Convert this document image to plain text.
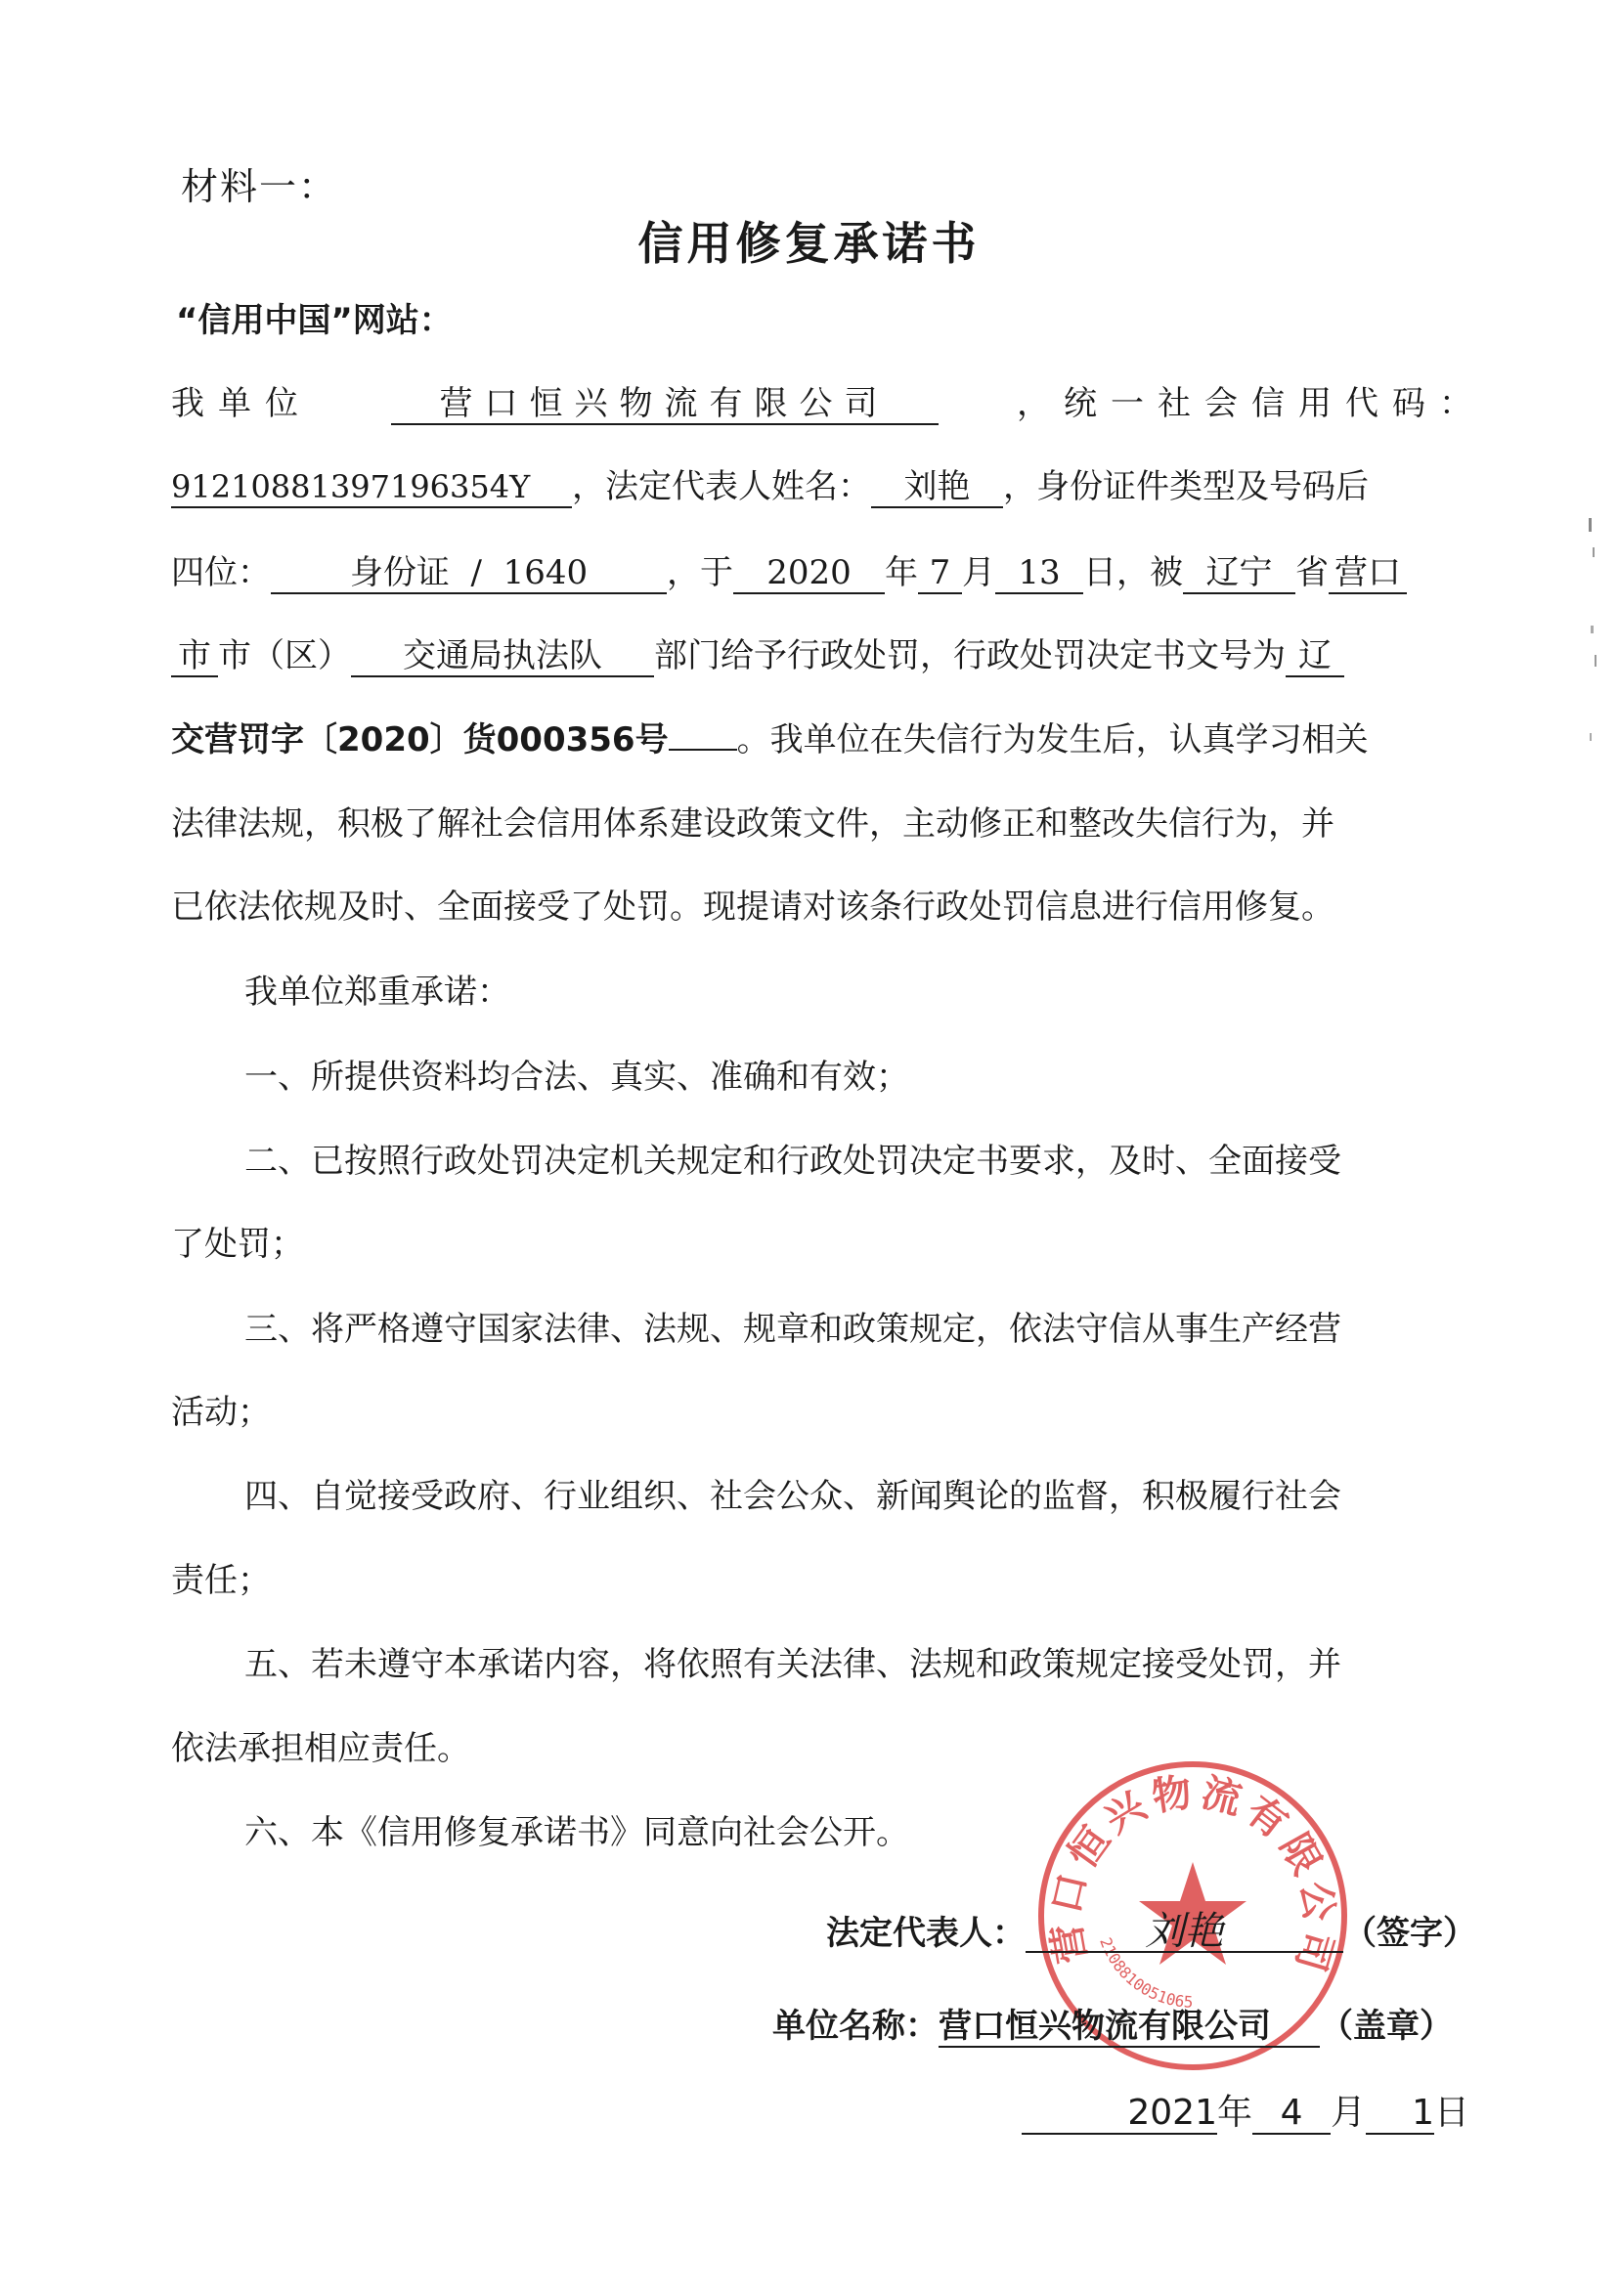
材料一：
信用修复承诺书
“信用中国”网站：
我单位	营口恒兴物流有限公司	，统一社会信用代码：
91210881397196354Y ，法定代表人姓名： 刘艳 ，身份证件类型及号码后
四位： 身份证  /  1640 ，于 2020 年 7 月 13 日，被 辽宁 省 营口
市 市（区） 交通局执法队 部门给予行政处罚，行政处罚决定书文号为 辽
交营罚字〔2020〕货000356号 。我单位在失信行为发生后，认真学习相关
法律法规，积极了解社会信用体系建设政策文件，主动修正和整改失信行为，并
已依法依规及时、全面接受了处罚。现提请对该条行政处罚信息进行信用修复。
我单位郑重承诺：
一、所提供资料均合法、真实、准确和有效；
二、已按照行政处罚决定机关规定和行政处罚决定书要求，及时、全面接受
了处罚；
三、将严格遵守国家法律、法规、规章和政策规定，依法守信从事生产经营
活动；
四、自觉接受政府、行业组织、社会公众、新闻舆论的监督，积极履行社会
责任；
五、若未遵守本承诺内容，将依照有关法律、法规和政策规定接受处罚，并
依法承担相应责任。
六、本《信用修复承诺书》同意向社会公开。
营口恒兴物流有限公司
2108810051065
法定代表人：	刘艳	（签字）
单位名称：营口恒兴物流有限公司 （盖章）
2021年 4 月 1日
